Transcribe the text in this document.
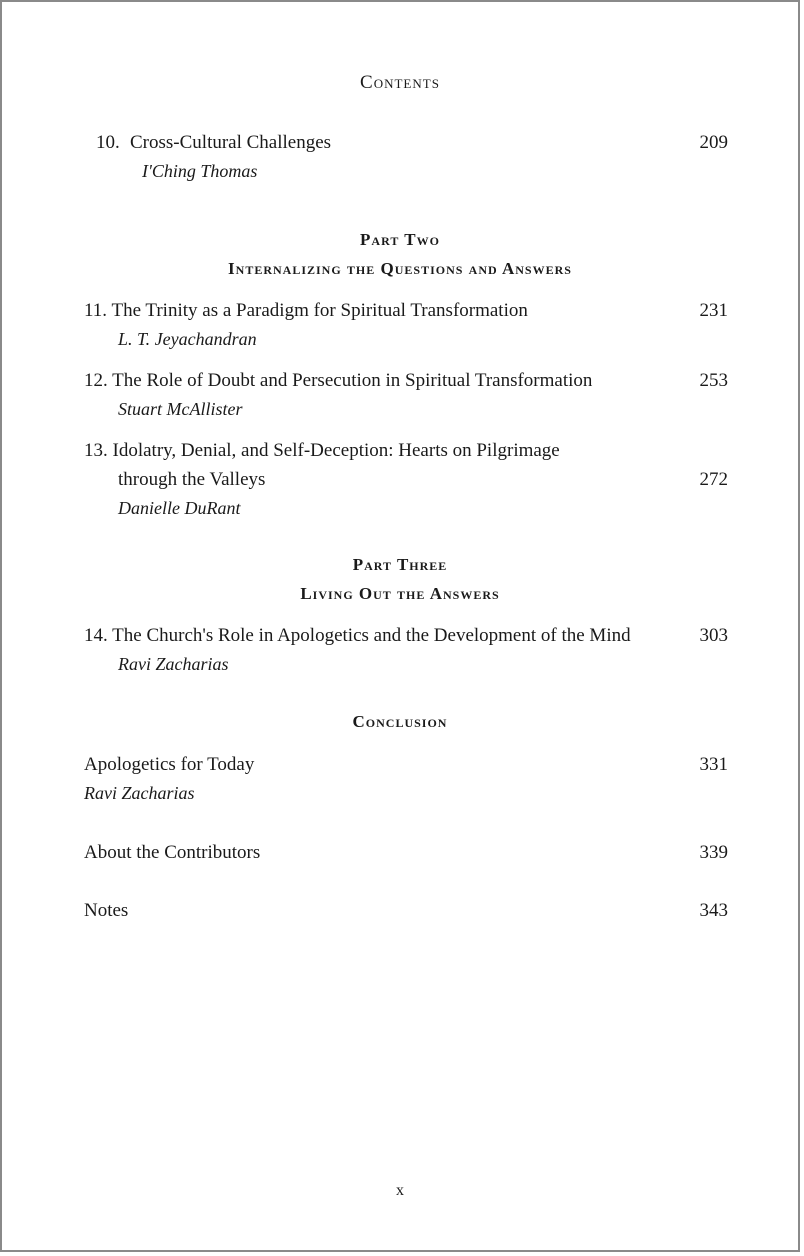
Contents
10. Cross-Cultural Challenges	209
I'Ching Thomas
Part Two
Internalizing the Questions and Answers
11. The Trinity as a Paradigm for Spiritual Transformation	231
L. T. Jeyachandran
12. The Role of Doubt and Persecution in Spiritual Transformation	253
Stuart McAllister
13. Idolatry, Denial, and Self-Deception: Hearts on Pilgrimage
through the Valleys	272
Danielle DuRant
Part Three
Living Out the Answers
14. The Church's Role in Apologetics and the Development of the Mind	303
Ravi Zacharias
Conclusion
Apologetics for Today	331
Ravi Zacharias
About the Contributors	339
Notes	343
x
